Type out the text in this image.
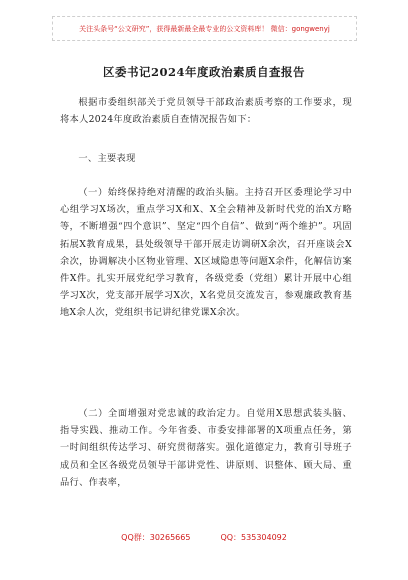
关注头条号“公文研究”，获得最新最全最专业的公文资料库！ 微信：gongwenyj
区委书记2024年度政治素质自查报告

根据市委组织部关于党员领导干部政治素质考察的工作要求，现将本人2024年度政治素质自查情况报告如下：

一、主要表现

（一）始终保持绝对清醒的政治头脑。主持召开区委理论学习中心组学习X场次，重点学习X和X、X全会精神及新时代党的治X方略等，不断增强“四个意识”、坚定“四个自信”、做到“两个维护”。巩固拓展X教育成果，县处级领导干部开展走访调研X余次，召开座谈会X余次，协调解决小区物业管理、X区域隐患等问题X余件，化解信访案件X件。扎实开展党纪学习教育，各级党委（党组）累计开展中心组学习X次，党支部开展学习X次，X名党员交流发言，参观廉政教育基地X余人次，党组织书记讲纪律党课X余次。

（二）全面增强对党忠诚的政治定力。自觉用X思想武装头脑、指导实践、推动工作。今年省委、市委安排部署的X项重点任务，第一时间组织传达学习、研究贯彻落实。强化道德定力，教育引导班子成员和全区各级党员领导干部讲党性、讲原则、识整体、顾大局、重品行、作表率，

QQ群：30265665	QQ：535304092
